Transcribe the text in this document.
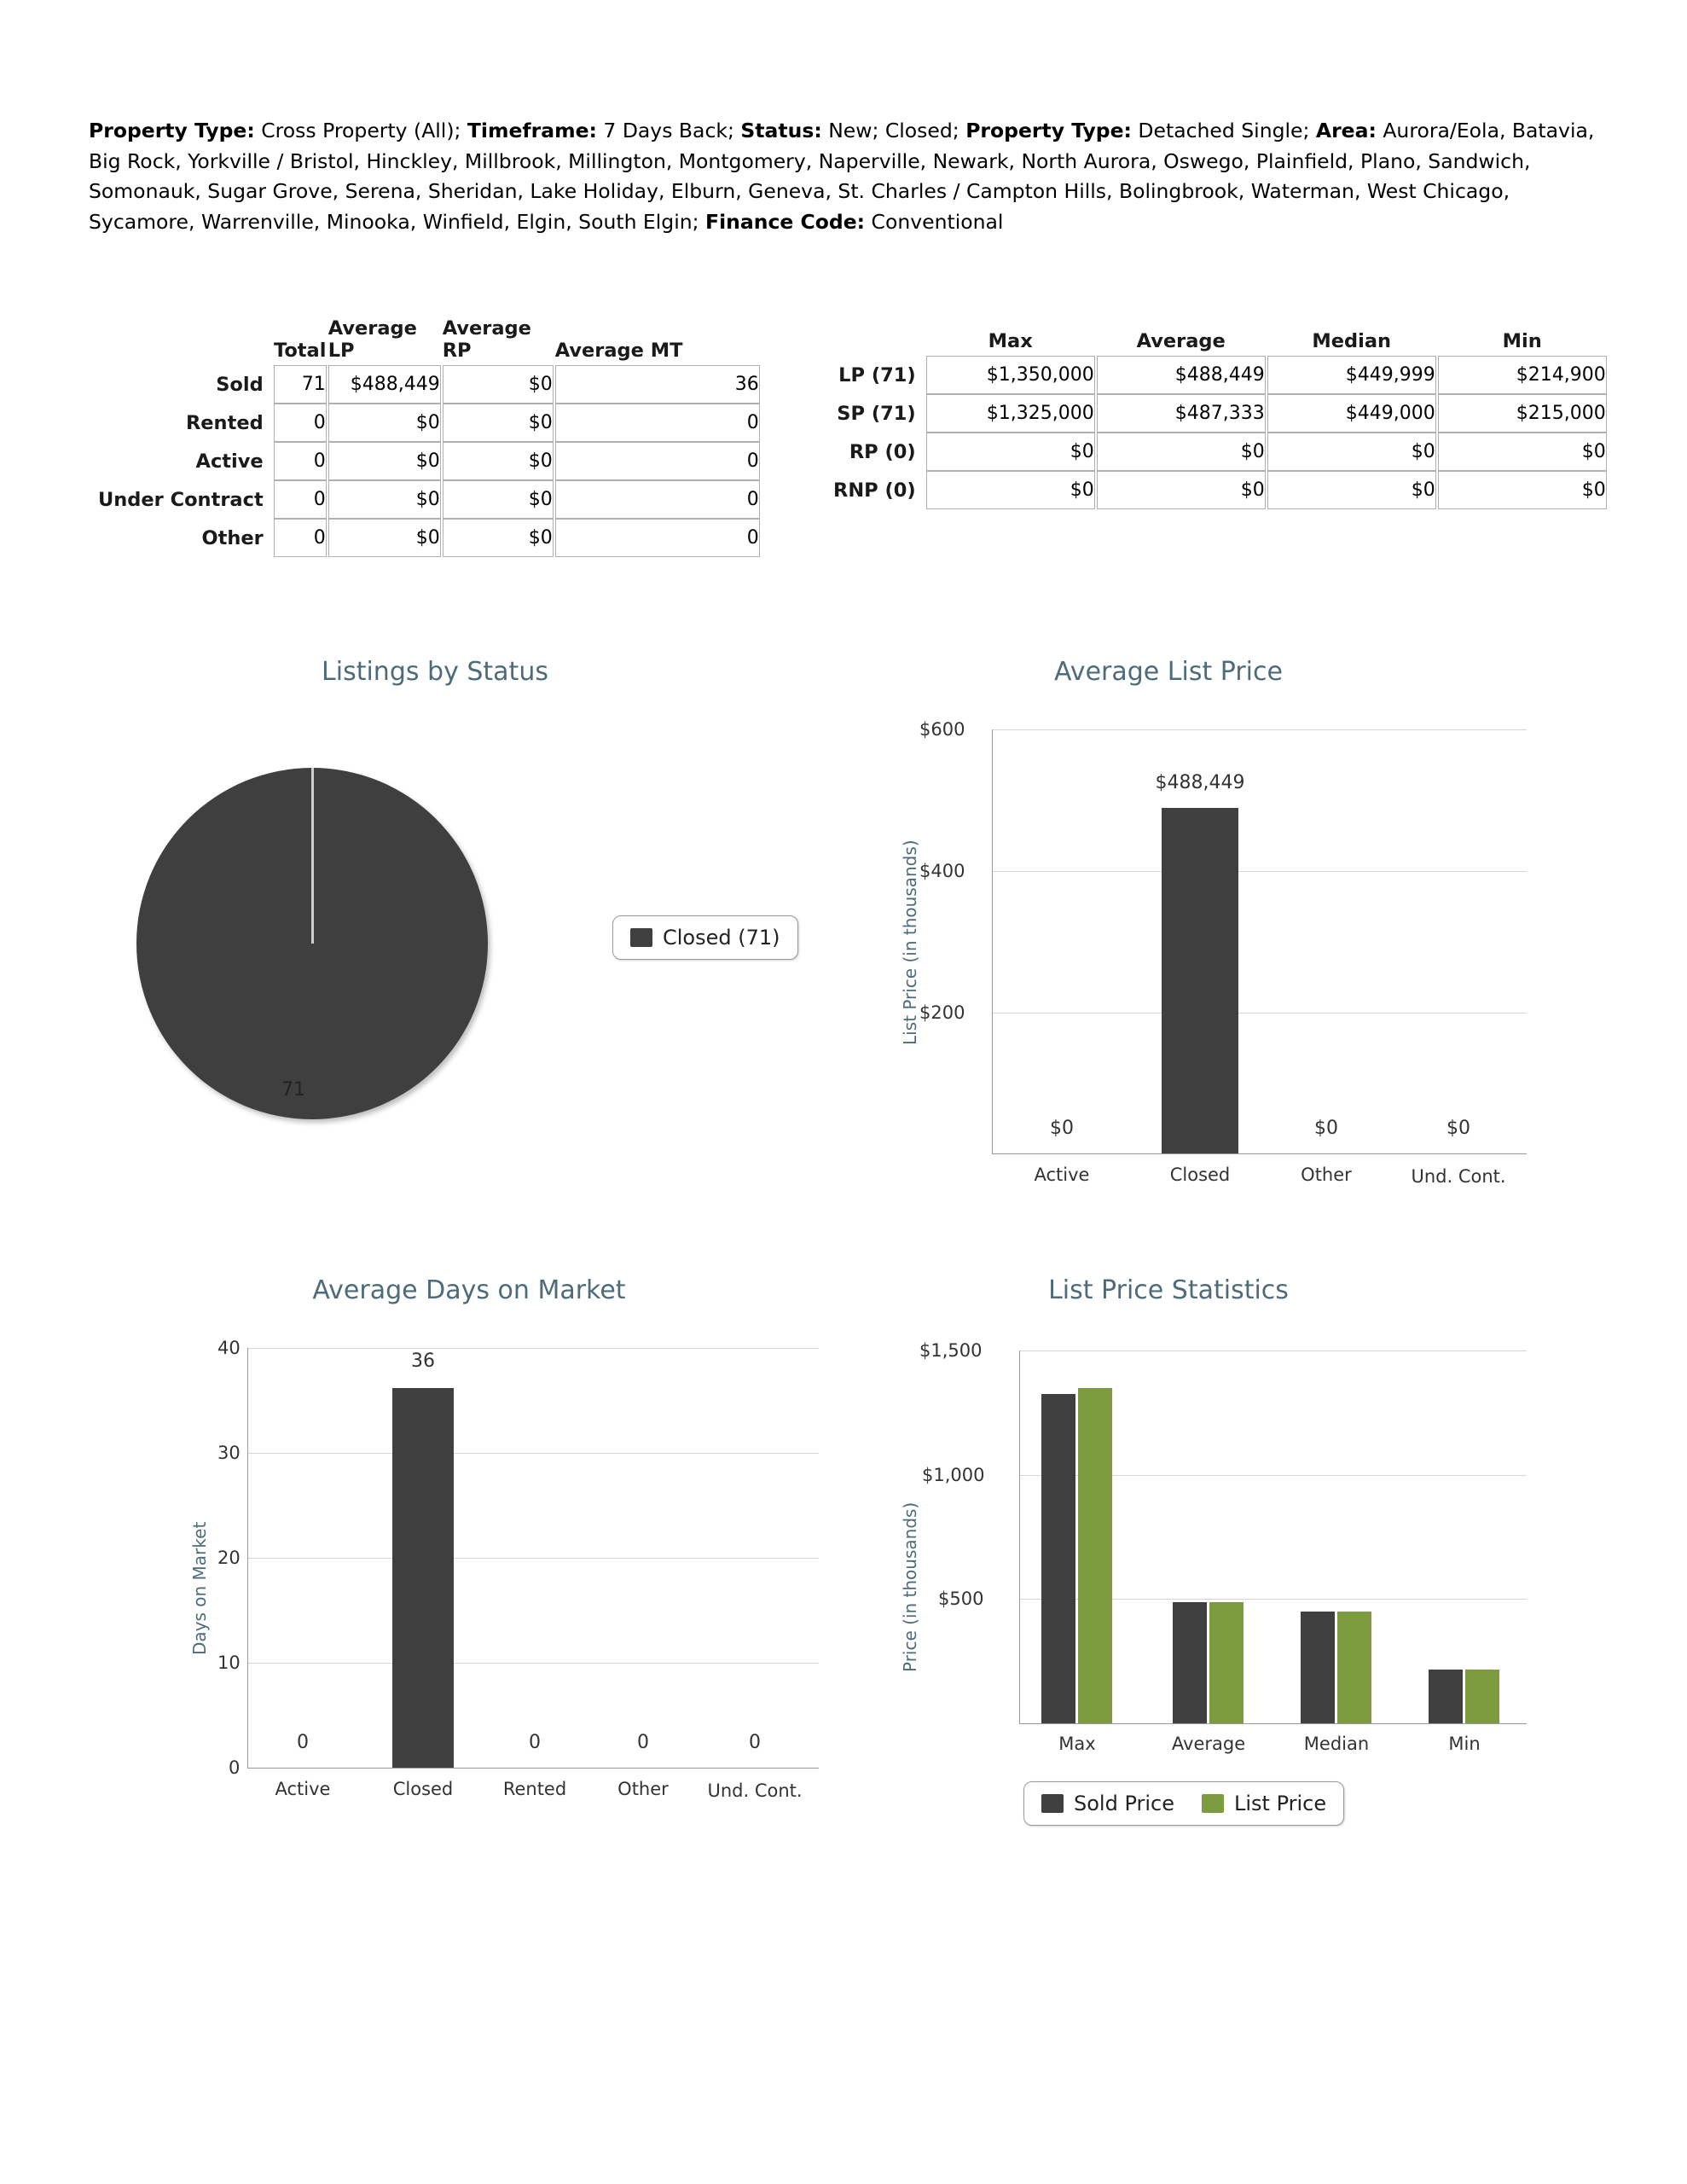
Property Type: Cross Property (All); Timeframe: 7 Days Back; Status: New; Closed; Property Type: Detached Single; Area: Aurora/Eola, Batavia, Big Rock, Yorkville / Bristol, Hinckley, Millbrook, Millington, Montgomery, Naperville, Newark, North Aurora, Oswego, Plainfield, Plano, Sandwich, Somonauk, Sugar Grove, Serena, Sheridan, Lake Holiday, Elburn, Geneva, St. Charles / Campton Hills, Bolingbrook, Waterman, West Chicago, Sycamore, Warrenville, Minooka, Winfield, Elgin, South Elgin; Finance Code: Conventional
	Total	Average LP	Average RP	Average MT
Sold	71	$488,449	$0	36
Rented	0	$0	$0	0
Active	0	$0	$0	0
Under Contract	0	$0	$0	0
Other	0	$0	$0	0
	Max	Average	Median	Min
LP (71)	$1,350,000	$488,449	$449,999	$214,900
SP (71)	$1,325,000	$487,333	$449,000	$215,000
RP (0)	$0	$0	$0	$0
RNP (0)	$0	$0	$0	$0
Listings by Status
71
Closed (71)
Average List Price
List Price (in thousands)
$600
$400
$200
$488,449
$0	$0	$0
Active	Closed	Other	Und. Cont.
Average Days on Market
Days on Market
40
30
20
10
0
36
0	0	0	0
Active	Closed	Rented	Other	Und. Cont.
List Price Statistics
Price (in thousands)
$1,500
$1,000
$500
Max	Average	Median	Min
Sold Price	List Price
